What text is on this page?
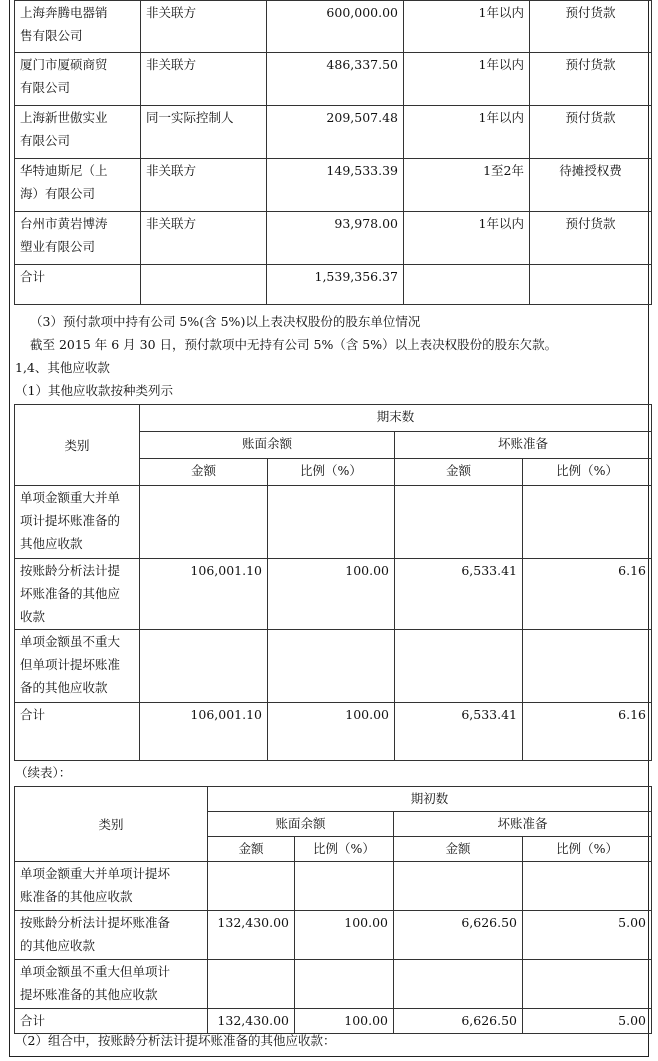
上海奔腾电器销
售有限公司	非关联方	600,000.00	1年以内	预付货款

厦门市厦硕商贸
有限公司	非关联方	486,337.50	1年以内	预付货款

上海新世傲实业
有限公司	同一实际控制人	209,507.48	1年以内	预付货款

华特迪斯尼（上
海）有限公司	非关联方	149,533.39	1至2年	待摊授权费

台州市黄岩博涛
塑业有限公司	非关联方	93,978.00	1年以内	预付货款
合计		1,539,356.37		
（3）预付款项中持有公司 5%(含 5%)以上表决权股份的股东单位情况
截至 2015 年 6 月 30 日，预付款项中无持有公司 5%（含 5%）以上表决权股份的股东欠款。
1,4、其他应收款
（1）其他应收款按种类列示
类别	期末数			
	账面余额		坏账准备	
	金额	比例（%）	金额	比例（%）

单项金额重大并单
项计提坏账准备的
其他应收款				

按账龄分析法计提
坏账准备的其他应
收款	106,001.10	100.00	6,533.41	6.16

单项金额虽不重大
但单项计提坏账准
备的其他应收款				

合计	106,001.10	100.00	6,533.41	6.16
（续表）：
类别	期初数			
	账面余额		坏账准备	
	金额	比例（%）	金额	比例（%）

单项金额重大并单项计提坏
账准备的其他应收款				

按账龄分析法计提坏账准备
的其他应收款	132,430.00	100.00	6,626.50	5.00

单项金额虽不重大但单项计
提坏账准备的其他应收款				

合计	132,430.00	100.00	6,626.50	5.00
（2）组合中，按账龄分析法计提坏账准备的其他应收款：
